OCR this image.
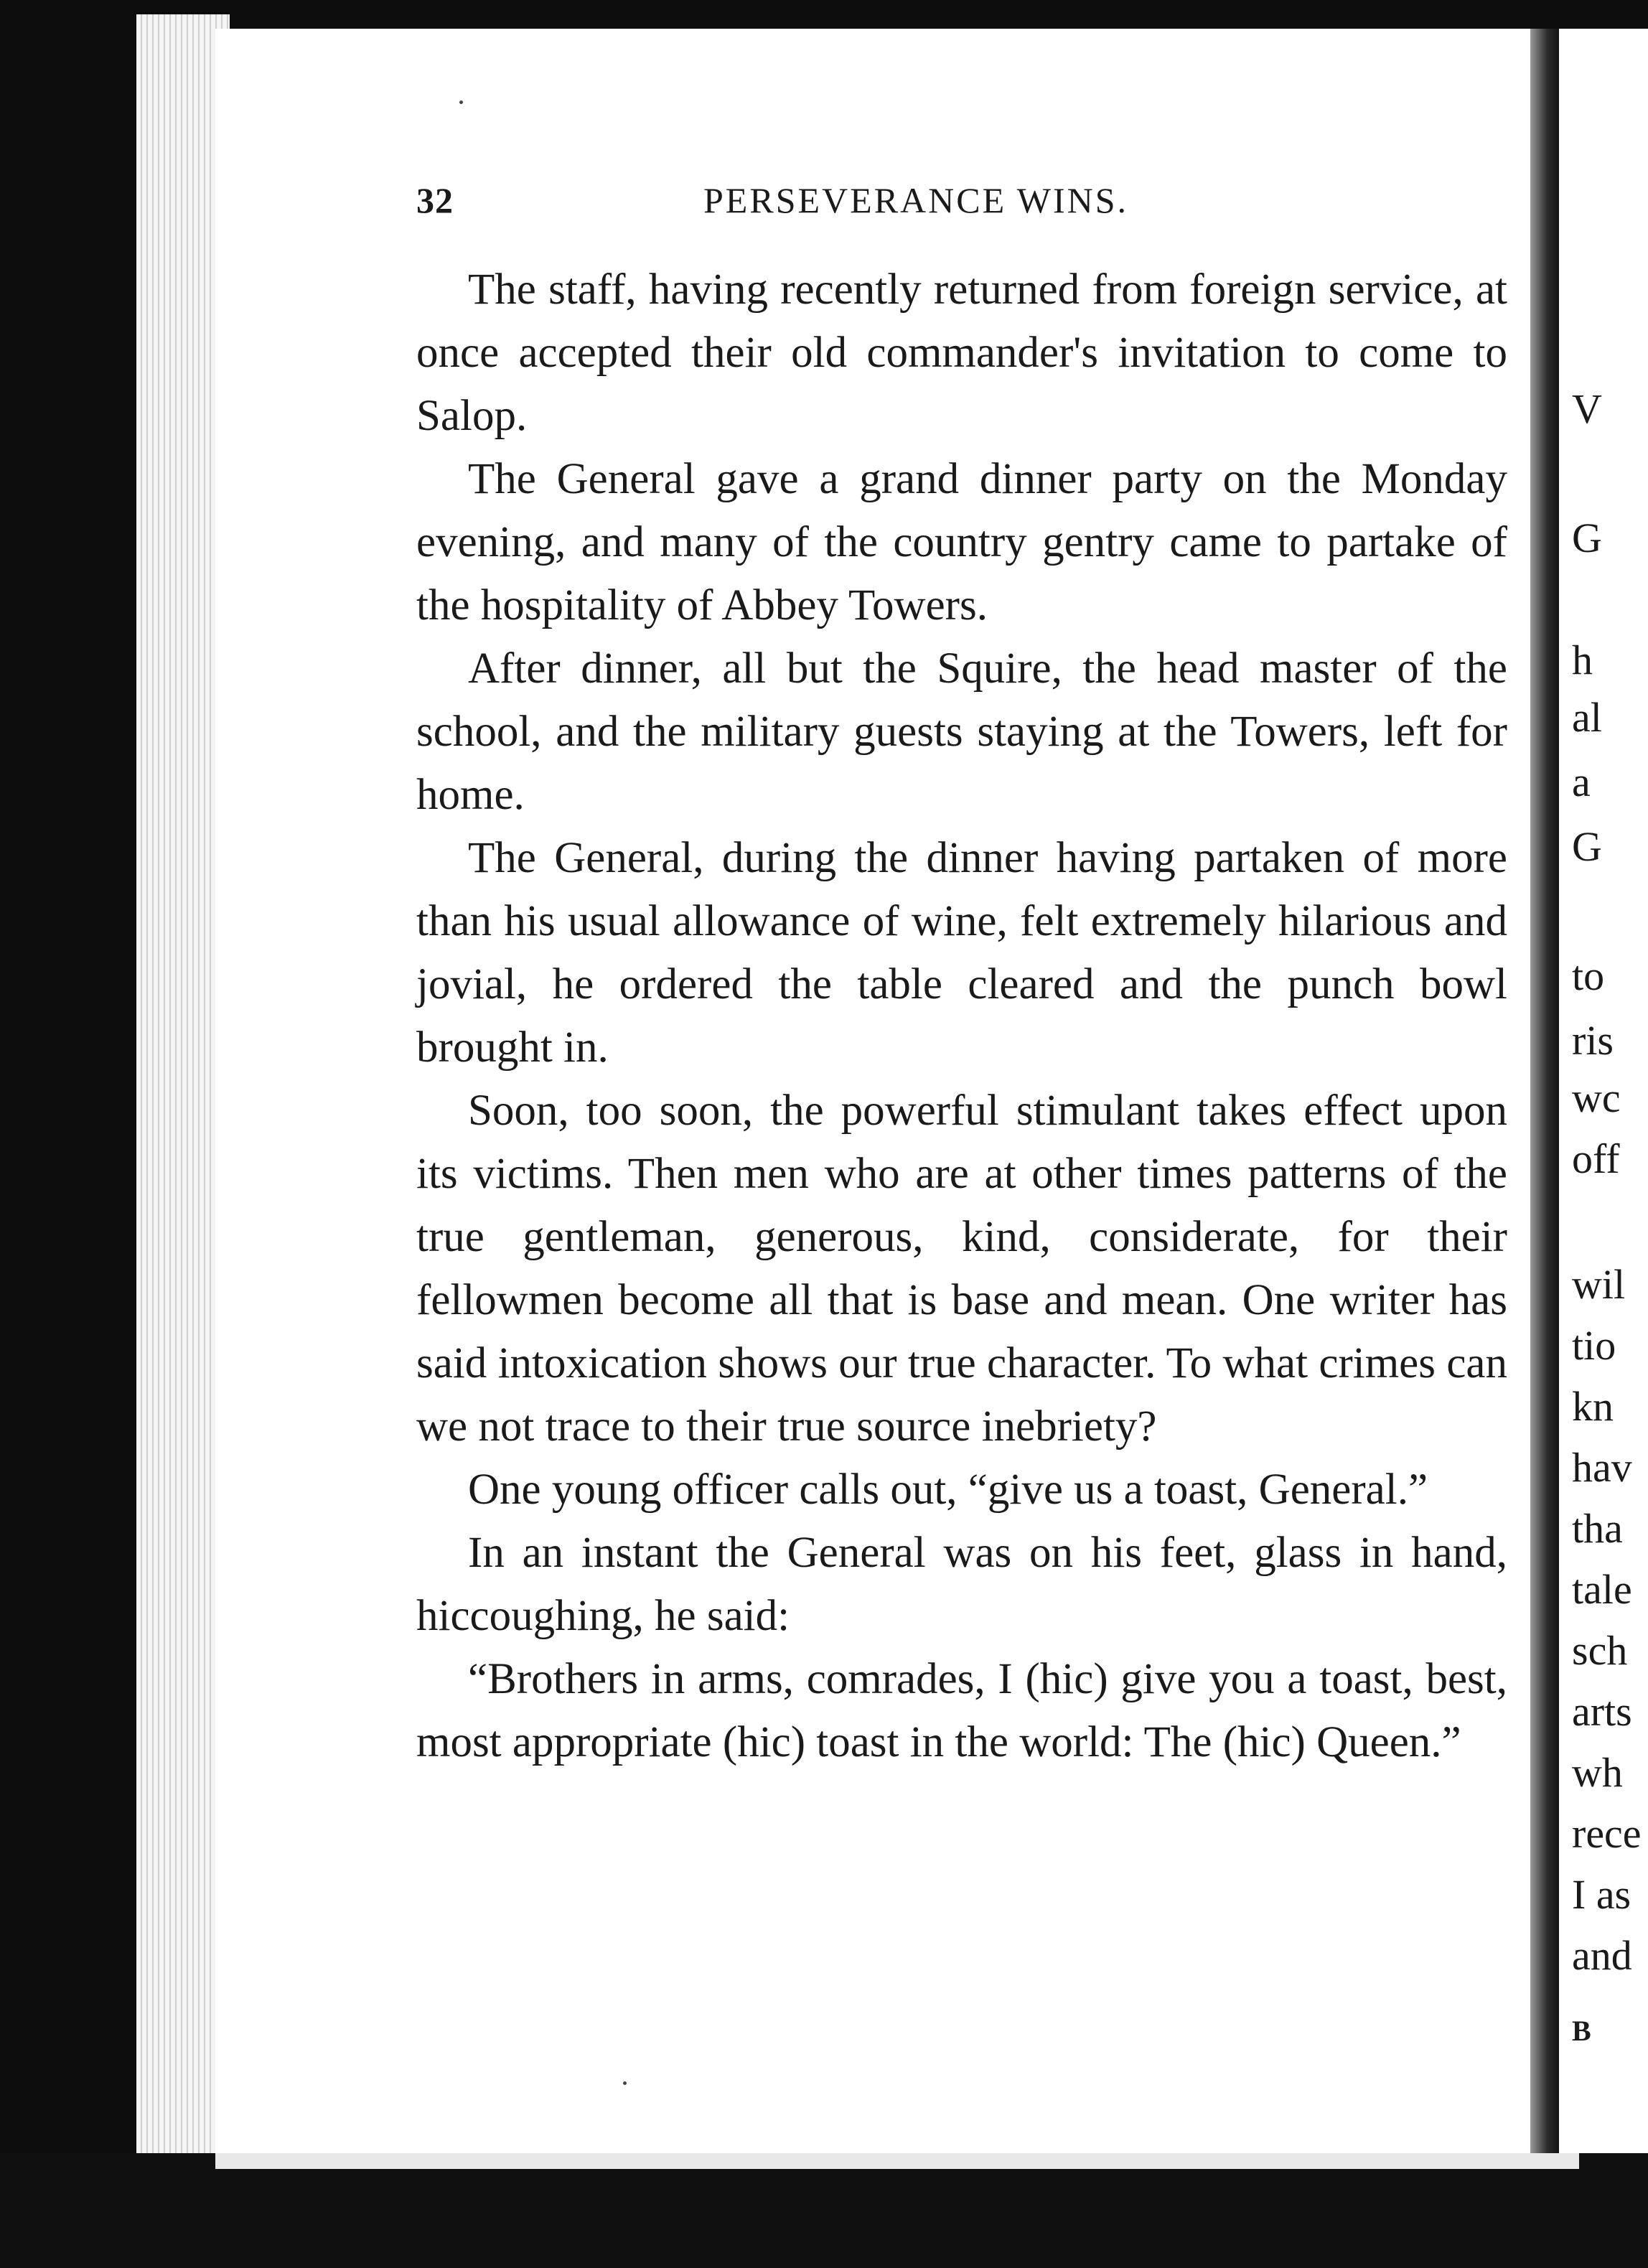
32	PERSEVERANCE WINS.

The staff, having recently returned from foreign service, at once accepted their old commander's invitation to come to Salop.

The General gave a grand dinner party on the Monday evening, and many of the country gentry came to partake of the hospitality of Abbey Towers.

After dinner, all but the Squire, the head master of the school, and the military guests staying at the Towers, left for home.

The General, during the dinner having partaken of more than his usual allowance of wine, felt extremely hilarious and jovial, he ordered the table cleared and the punch bowl brought in.

Soon, too soon, the powerful stimulant takes effect upon its victims. Then men who are at other times patterns of the true gentleman, generous, kind, considerate, for their fellowmen become all that is base and mean. One writer has said intoxication shows our true character. To what crimes can we not trace to their true source inebriety?

One young officer calls out, “give us a toast, General.”

In an instant the General was on his feet, glass in hand, hiccoughing, he said:

“Brothers in arms, comrades, I (hic) give you a toast, best, most appropriate (hic) toast in the world: The (hic) Queen.”

V
G
h
al
a
G
to
ris
wc
off
wil
tio
kn
hav
tha
tale
sch
arts
wh
rece
I as
and
B
